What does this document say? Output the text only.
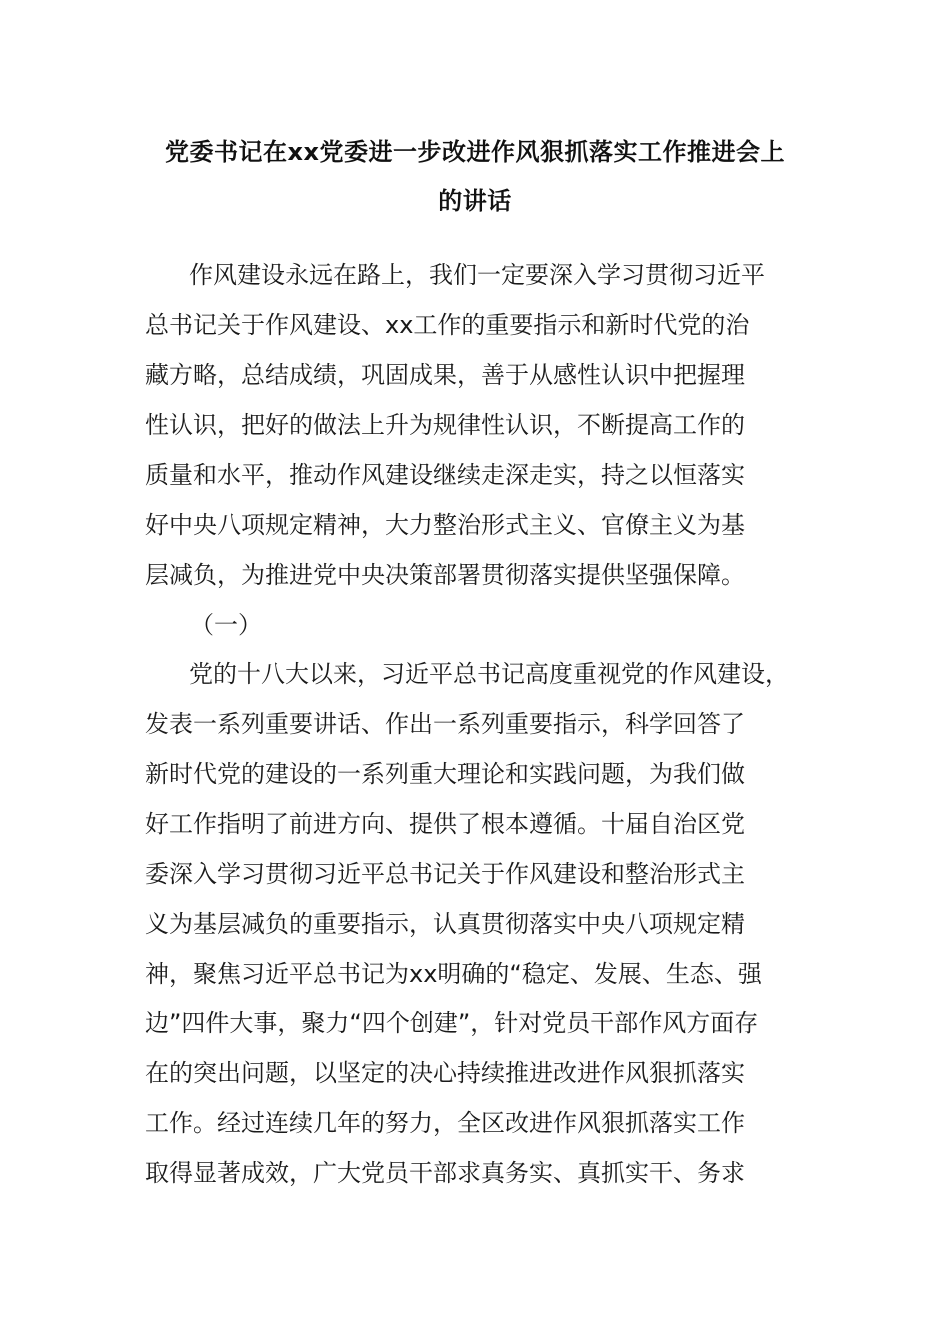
党委书记在xx党委进一步改进作风狠抓落实工作推进会上
的讲话
作风建设永远在路上，我们一定要深入学习贯彻习近平
总书记关于作风建设、xx工作的重要指示和新时代党的治
藏方略，总结成绩，巩固成果，善于从感性认识中把握理
性认识，把好的做法上升为规律性认识，不断提高工作的
质量和水平，推动作风建设继续走深走实，持之以恒落实
好中央八项规定精神，大力整治形式主义、官僚主义为基
层减负，为推进党中央决策部署贯彻落实提供坚强保障。
（一）
党的十八大以来，习近平总书记高度重视党的作风建设，
发表一系列重要讲话、作出一系列重要指示，科学回答了
新时代党的建设的一系列重大理论和实践问题，为我们做
好工作指明了前进方向、提供了根本遵循。十届自治区党
委深入学习贯彻习近平总书记关于作风建设和整治形式主
义为基层减负的重要指示，认真贯彻落实中央八项规定精
神，聚焦习近平总书记为xx明确的“稳定、发展、生态、强
边”四件大事，聚力“四个创建”，针对党员干部作风方面存
在的突出问题，以坚定的决心持续推进改进作风狠抓落实
工作。经过连续几年的努力，全区改进作风狠抓落实工作
取得显著成效，广大党员干部求真务实、真抓实干、务求
